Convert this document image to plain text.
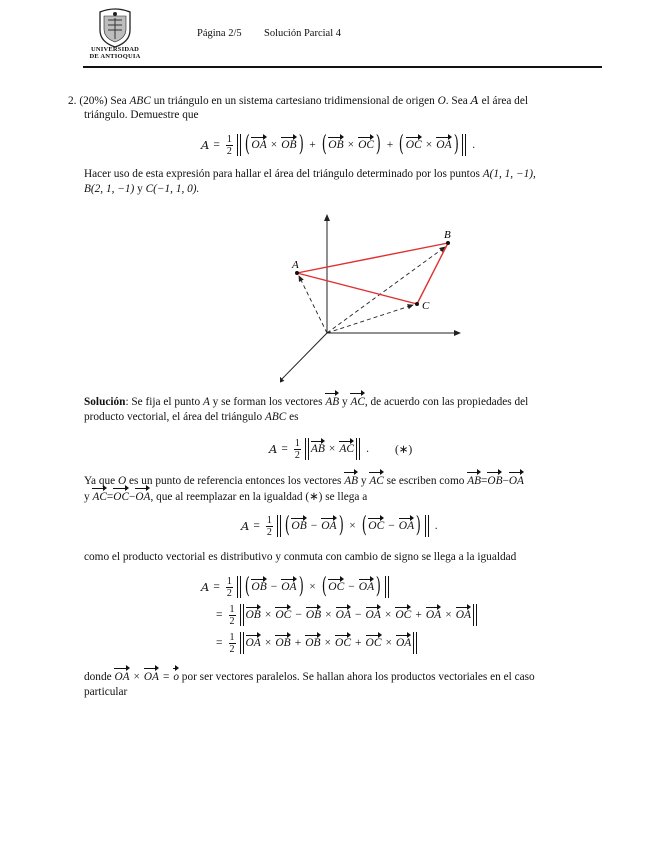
UNIVERSIDAD DE ANTIOQUIA
Página 2/5 Solución Parcial 4
2. (20%) Sea ABC un triángulo en un sistema cartesiano tridimensional de origen O. Sea A el área del
triángulo. Demuestre que
$A = \frac{1}{2}$ ( OA × OB ) + ( OB × OC ) + ( OC × OA ) .
Hacer uso de esta expresión para hallar el área del triángulo determinado por los puntos A(1, 1, −1),
B(2, 1, −1) y C(−1, 1, 0).
A
B
C
Solución: Se fija el punto A y se forman los vectores AB y AC, de acuerdo con las propiedades del
producto vectorial, el área del triángulo ABC es
$A = \frac{1}{2}$ AB × AC . (∗)
Ya que O es un punto de referencia entonces los vectores AB y AC se escriben como AB=OB−OA
y AC=OC−OA, que al reemplazar en la igualdad (∗) se llega a
$A = \frac{1}{2}$ ( OB − OA ) × ( OC − OA ) .
como el producto vectorial es distributivo y conmuta con cambio de signo se llega a la igualdad
$A = \frac{1}{2}$ ( OB − OA ) × ( OC − OA )
= $\frac{1}{2}$ OB × OC − OB × OA − OA × OC + OA × OA
= $\frac{1}{2}$ OA × OB + OB × OC + OC × OA
donde OA × OA = o por ser vectores paralelos. Se hallan ahora los productos vectoriales en el caso
particular
